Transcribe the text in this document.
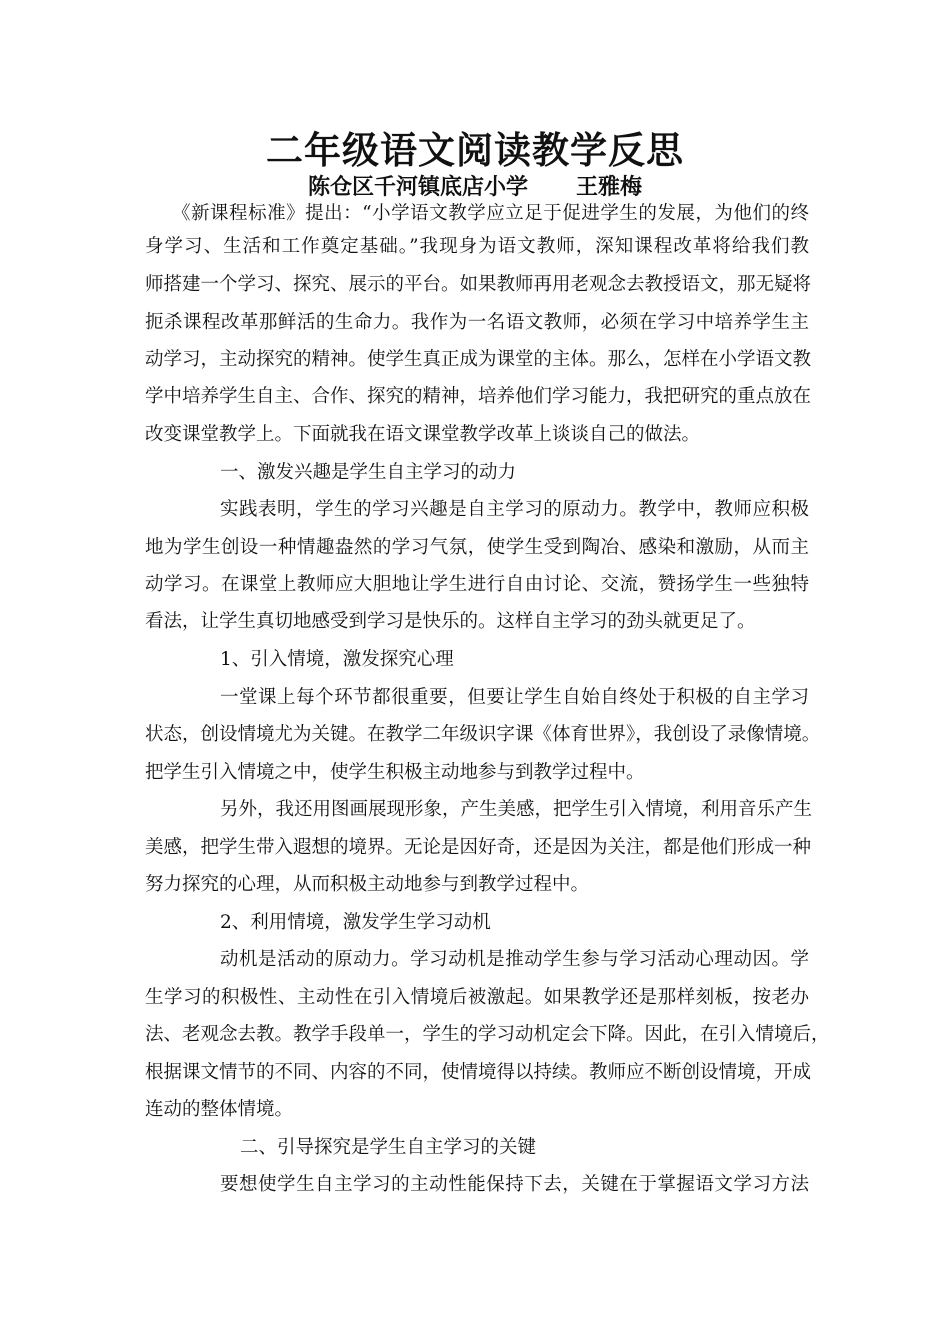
二年级语文阅读教学反思
陈仓区千河镇底店小学 王雅梅
《新课程标准》提出：“小学语文教学应立足于促进学生的发展，为他们的终
身学习、生活和工作奠定基础。”我现身为语文教师，深知课程改革将给我们教
师搭建一个学习、探究、展示的平台。如果教师再用老观念去教授语文，那无疑将
扼杀课程改革那鲜活的生命力。我作为一名语文教师，必须在学习中培养学生主
动学习，主动探究的精神。使学生真正成为课堂的主体。那么，怎样在小学语文教
学中培养学生自主、合作、探究的精神，培养他们学习能力，我把研究的重点放在
改变课堂教学上。下面就我在语文课堂教学改革上谈谈自己的做法。
一、激发兴趣是学生自主学习的动力
实践表明，学生的学习兴趣是自主学习的原动力。教学中，教师应积极
地为学生创设一种情趣盎然的学习气氛，使学生受到陶冶、感染和激励，从而主
动学习。在课堂上教师应大胆地让学生进行自由讨论、交流，赞扬学生一些独特
看法，让学生真切地感受到学习是快乐的。这样自主学习的劲头就更足了。
1、引入情境，激发探究心理
一堂课上每个环节都很重要，但要让学生自始自终处于积极的自主学习
状态，创设情境尤为关键。在教学二年级识字课《体育世界》，我创设了录像情境。
把学生引入情境之中，使学生积极主动地参与到教学过程中。
另外，我还用图画展现形象，产生美感，把学生引入情境，利用音乐产生
美感，把学生带入遐想的境界。无论是因好奇，还是因为关注，都是他们形成一种
努力探究的心理，从而积极主动地参与到教学过程中。
2、利用情境，激发学生学习动机
动机是活动的原动力。学习动机是推动学生参与学习活动心理动因。学
生学习的积极性、主动性在引入情境后被激起。如果教学还是那样刻板，按老办
法、老观念去教。教学手段单一，学生的学习动机定会下降。因此，在引入情境后，
根据课文情节的不同、内容的不同，使情境得以持续。教师应不断创设情境，开成
连动的整体情境。
二、引导探究是学生自主学习的关键
要想使学生自主学习的主动性能保持下去，关键在于掌握语文学习方法
